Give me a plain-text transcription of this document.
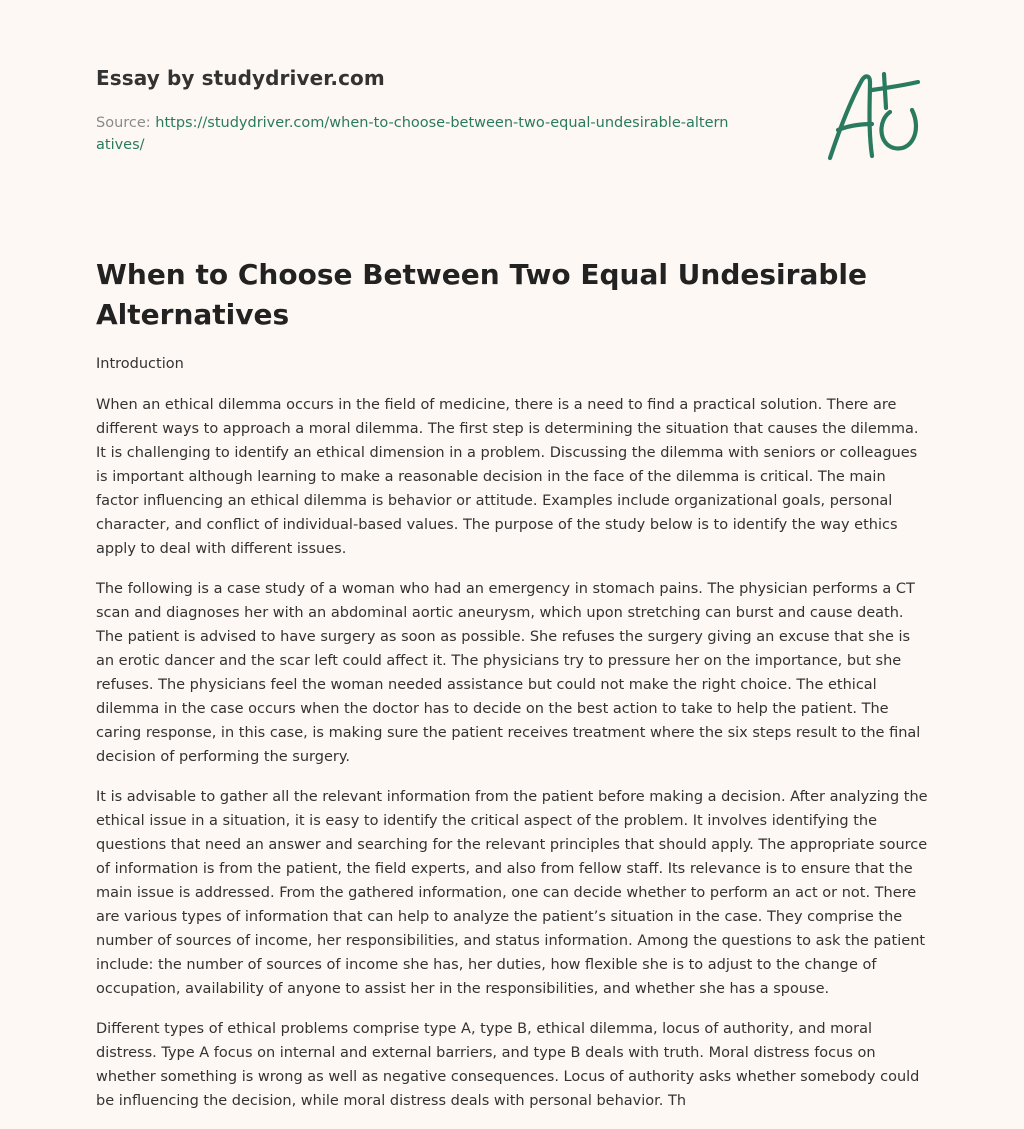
Essay by studydriver.com
Source: https://studydriver.com/when-to-choose-between-two-equal-undesirable-alternatives/
When to Choose Between Two Equal Undesirable Alternatives
Introduction

When an ethical dilemma occurs in the field of medicine, there is a need to find a practical solution. There are different ways to approach a moral dilemma. The first step is determining the situation that causes the dilemma. It is challenging to identify an ethical dimension in a problem. Discussing the dilemma with seniors or colleagues is important although learning to make a reasonable decision in the face of the dilemma is critical. The main factor influencing an ethical dilemma is behavior or attitude. Examples include organizational goals, personal character, and conflict of individual-based values. The purpose of the study below is to identify the way ethics apply to deal with different issues.

The following is a case study of a woman who had an emergency in stomach pains. The physician performs a CT scan and diagnoses her with an abdominal aortic aneurysm, which upon stretching can burst and cause death. The patient is advised to have surgery as soon as possible. She refuses the surgery giving an excuse that she is an erotic dancer and the scar left could affect it. The physicians try to pressure her on the importance, but she refuses. The physicians feel the woman needed assistance but could not make the right choice. The ethical dilemma in the case occurs when the doctor has to decide on the best action to take to help the patient. The caring response, in this case, is making sure the patient receives treatment where the six steps result to the final decision of performing the surgery.

It is advisable to gather all the relevant information from the patient before making a decision. After analyzing the ethical issue in a situation, it is easy to identify the critical aspect of the problem. It involves identifying the questions that need an answer and searching for the relevant principles that should apply. The appropriate source of information is from the patient, the field experts, and also from fellow staff. Its relevance is to ensure that the main issue is addressed. From the gathered information, one can decide whether to perform an act or not. There are various types of information that can help to analyze the patient’s situation in the case. They comprise the number of sources of income, her responsibilities, and status information. Among the questions to ask the patient include: the number of sources of income she has, her duties, how flexible she is to adjust to the change of occupation, availability of anyone to assist her in the responsibilities, and whether she has a spouse.

Different types of ethical problems comprise type A, type B, ethical dilemma, locus of authority, and moral distress. Type A focus on internal and external barriers, and type B deals with truth. Moral distress focus on whether something is wrong as well as negative consequences. Locus of authority asks whether somebody could be influencing the decision, while moral distress deals with personal behavior. Th
